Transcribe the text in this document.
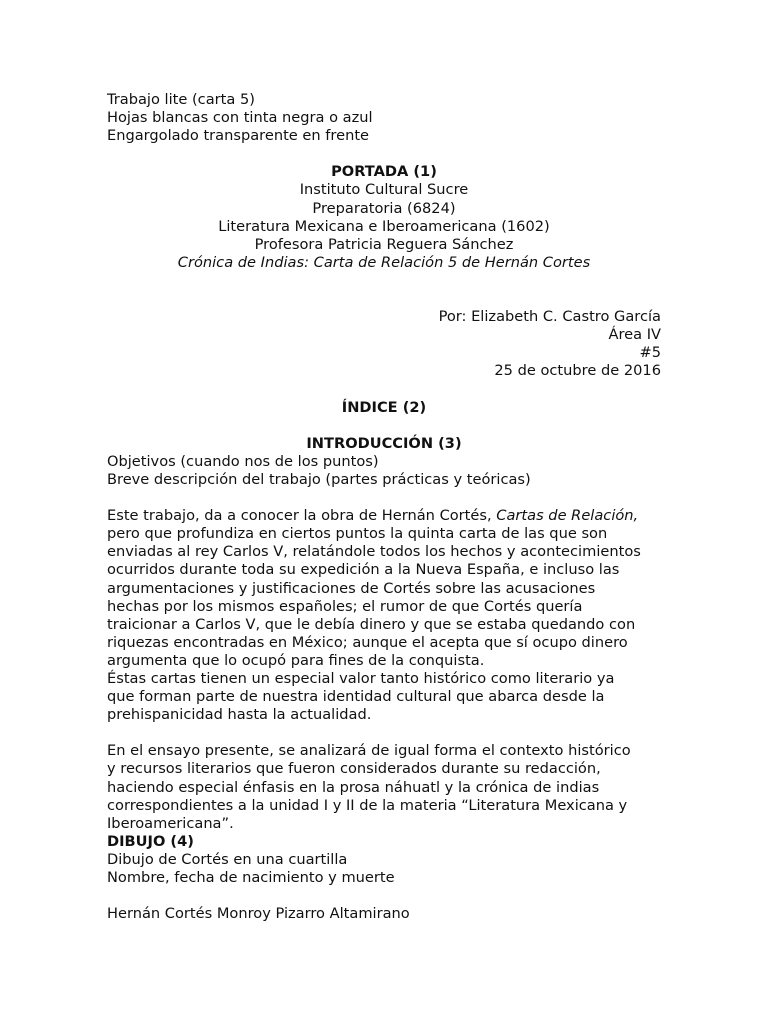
Trabajo lite (carta 5)
Hojas blancas con tinta negra o azul
Engargolado transparente en frente
PORTADA (1)
Instituto Cultural Sucre
Preparatoria (6824)
Literatura Mexicana e Iberoamericana (1602)
Profesora Patricia Reguera Sánchez
Crónica de Indias: Carta de Relación 5 de Hernán Cortes
Por: Elizabeth C. Castro García
Área IV
#5
25 de octubre de 2016
ÍNDICE (2)
INTRODUCCIÓN (3)
Objetivos (cuando nos de los puntos)
Breve descripción del trabajo (partes prácticas y teóricas)
Este trabajo, da a conocer la obra de Hernán Cortés, Cartas de Relación,
pero que profundiza en ciertos puntos la quinta carta de las que son
enviadas al rey Carlos V, relatándole todos los hechos y acontecimientos
ocurridos durante toda su expedición a la Nueva España, e incluso las
argumentaciones y justificaciones de Cortés sobre las acusaciones
hechas por los mismos españoles; el rumor de que Cortés quería
traicionar a Carlos V, que le debía dinero y que se estaba quedando con
riquezas encontradas en México; aunque el acepta que sí ocupo dinero
argumenta que lo ocupó para fines de la conquista.
Éstas cartas tienen un especial valor tanto histórico como literario ya
que forman parte de nuestra identidad cultural que abarca desde la
prehispanicidad hasta la actualidad.
En el ensayo presente, se analizará de igual forma el contexto histórico
y recursos literarios que fueron considerados durante su redacción,
haciendo especial énfasis en la prosa náhuatl y la crónica de indias
correspondientes a la unidad I y II de la materia “Literatura Mexicana y
Iberoamericana”.
DIBUJO (4)
Dibujo de Cortés en una cuartilla
Nombre, fecha de nacimiento y muerte
Hernán Cortés Monroy Pizarro Altamirano
